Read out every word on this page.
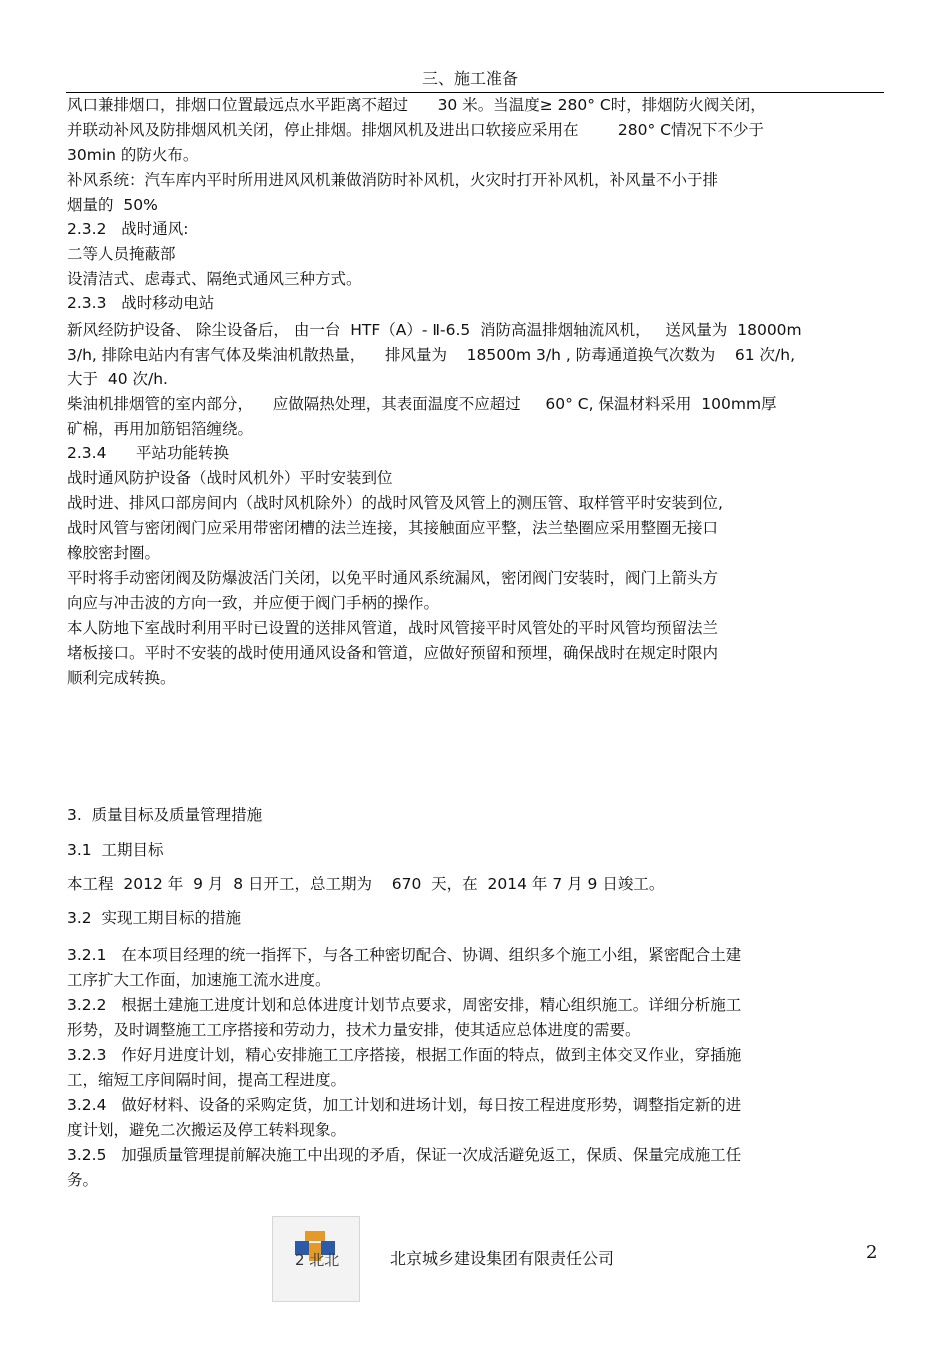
三、施工准备
风口兼排烟口，排烟口位置最远点水平距离不超过      30 米。当温度≥ 280° C时，排烟防火阀关闭，
并联动补风及防排烟风机关闭，停止排烟。排烟风机及进出口软接应采用在        280° C情况下不少于
30min 的防火布。
补风系统：汽车库内平时所用进风风机兼做消防时补风机，火灾时打开补风机，补风量不小于排
烟量的  50%
2.3.2   战时通风:
二等人员掩蔽部
设清洁式、虑毒式、隔绝式通风三种方式。
2.3.3   战时移动电站
新风经防护设备、 除尘设备后， 由一台  HTF（A）- Ⅱ-6.5  消防高温排烟轴流风机，   送风量为  18000m
3/h, 排除电站内有害气体及柴油机散热量，    排风量为    18500m 3/h , 防毒通道换气次数为    61 次/h,
大于  40 次/h.
柴油机排烟管的室内部分，    应做隔热处理，其表面温度不应超过     60° C, 保温材料采用  100mm厚
矿棉，再用加筋铝箔缠绕。
2.3.4      平站功能转换
战时通风防护设备（战时风机外）平时安装到位
战时进、排风口部房间内（战时风机除外）的战时风管及风管上的测压管、取样管平时安装到位,
战时风管与密闭阀门应采用带密闭槽的法兰连接，其接触面应平整，法兰垫圈应采用整圈无接口
橡胶密封圈。
平时将手动密闭阀及防爆波活门关闭，以免平时通风系统漏风，密闭阀门安装时，阀门上箭头方
向应与冲击波的方向一致，并应便于阀门手柄的操作。
本人防地下室战时利用平时已设置的送排风管道，战时风管接平时风管处的平时风管均预留法兰
堵板接口。平时不安装的战时使用通风设备和管道，应做好预留和预埋，确保战时在规定时限内
顺利完成转换。
3.  质量目标及质量管理措施
3.1  工期目标
本工程  2012 年  9 月  8 日开工，总工期为    670  天，在  2014 年 7 月 9 日竣工。
3.2  实现工期目标的措施
3.2.1   在本项目经理的统一指挥下，与各工种密切配合、协调、组织多个施工小组，紧密配合土建
工序扩大工作面，加速施工流水进度。
3.2.2   根据土建施工进度计划和总体进度计划节点要求，周密安排，精心组织施工。详细分析施工
形势，及时调整施工工序搭接和劳动力，技术力量安排，使其适应总体进度的需要。
3.2.3   作好月进度计划，精心安排施工工序搭接，根据工作面的特点，做到主体交叉作业，穿插施
工，缩短工序间隔时间，提高工程进度。
3.2.4   做好材料、设备的采购定货，加工计划和进场计划，每日按工程进度形势，调整指定新的进
度计划，避免二次搬运及停工转料现象。
3.2.5   加强质量管理提前解决施工中出现的矛盾，保证一次成活避免返工，保质、保量完成施工任
务。
2 北北	北京城乡建设集团有限责任公司	2
